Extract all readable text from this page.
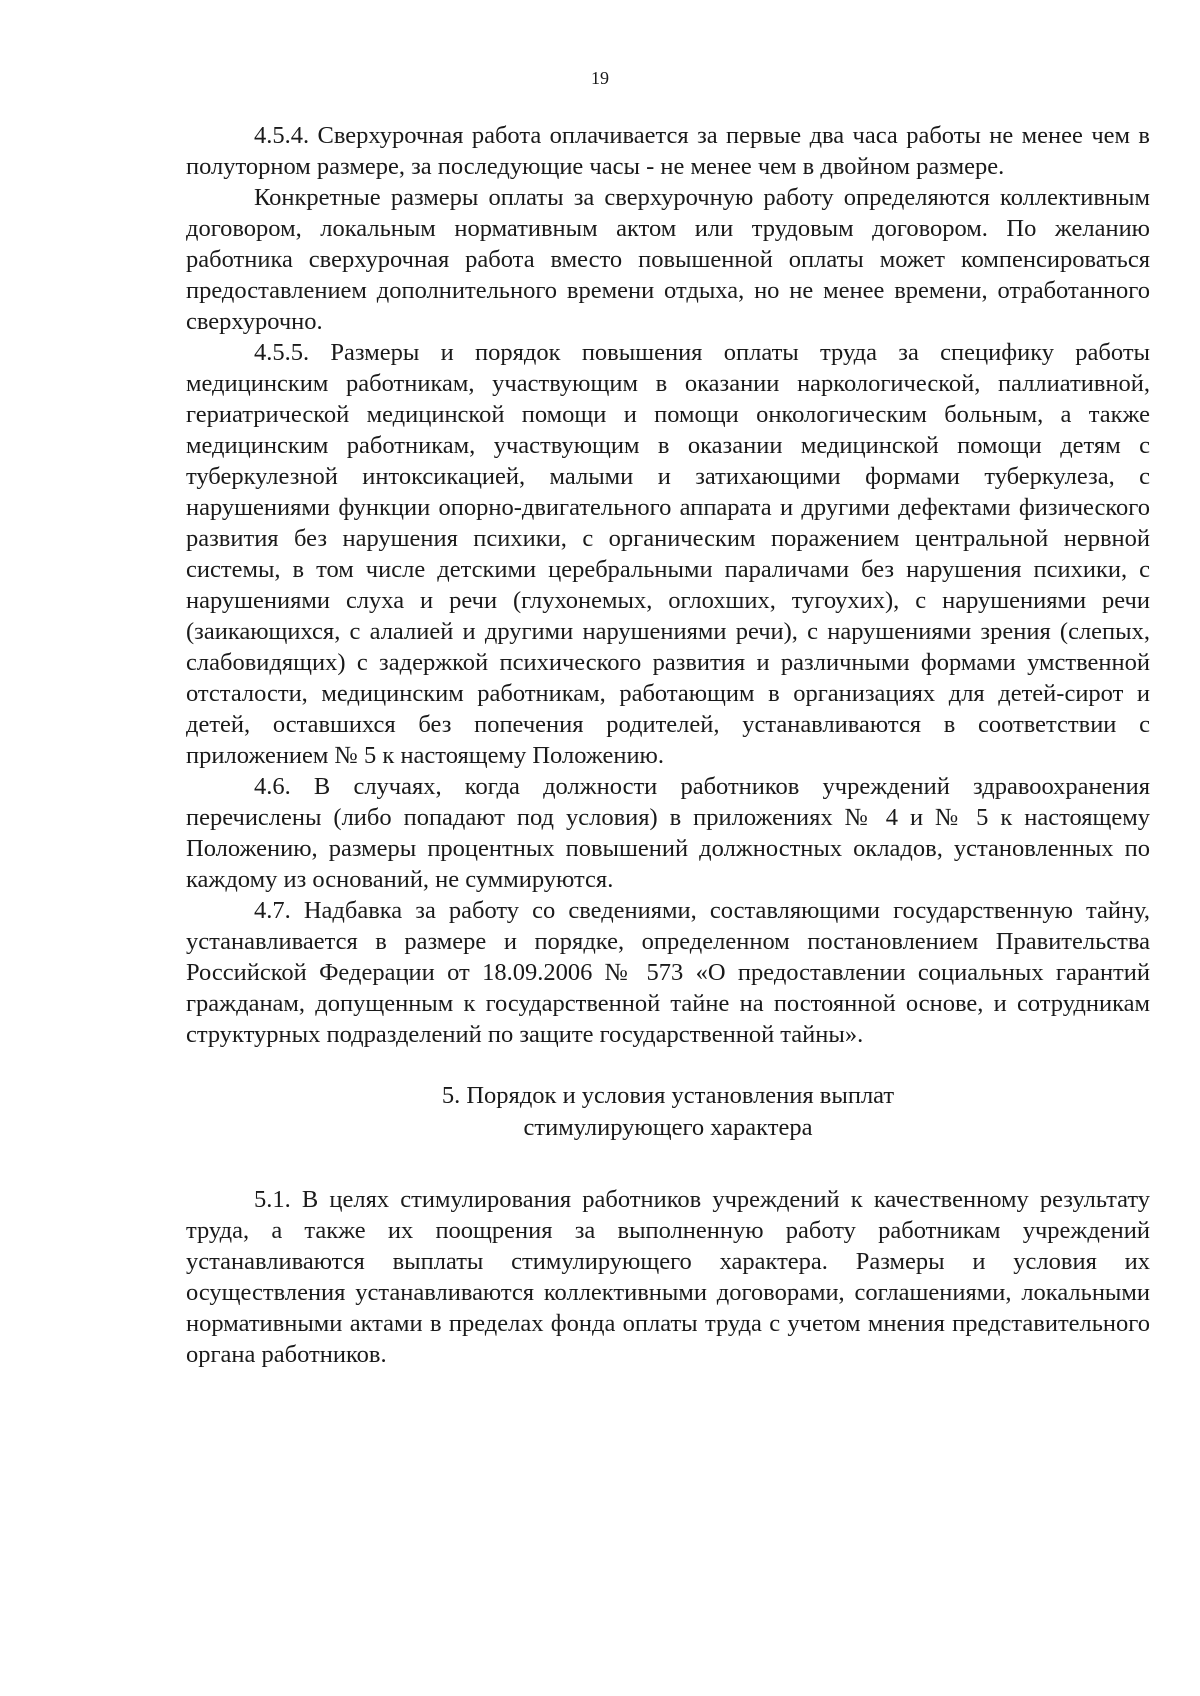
19

4.5.4. Сверхурочная работа оплачивается за первые два часа работы не менее чем в полуторном размере, за последующие часы - не менее чем в двойном размере.

Конкретные размеры оплаты за сверхурочную работу определяются коллективным договором, локальным нормативным актом или трудовым договором. По желанию работника сверхурочная работа вместо повышенной оплаты может компенсироваться предоставлением дополнительного времени отдыха, но не менее времени, отработанного сверхурочно.

4.5.5. Размеры и порядок повышения оплаты труда за специфику работы медицинским работникам, участвующим в оказании наркологической, паллиативной, гериатрической медицинской помощи и помощи онкологическим больным, а также медицинским работникам, участвующим в оказании медицинской помощи детям с туберкулезной интоксикацией, малыми и затихающими формами туберкулеза, с нарушениями функции опорно-двигательного аппарата и другими дефектами физического развития без нарушения психики, с органическим поражением центральной нервной системы, в том числе детскими церебральными параличами без нарушения психики, с нарушениями слуха и речи (глухонемых, оглохших, тугоухих), с нарушениями речи (заикающихся, с алалией и другими нарушениями речи), с нарушениями зрения (слепых, слабовидящих) с задержкой психического развития и различными формами умственной отсталости, медицинским работникам, работающим в организациях для детей-сирот и детей, оставшихся без попечения родителей, устанавливаются в соответствии с приложением № 5 к настоящему Положению.

4.6. В случаях, когда должности работников учреждений здравоохранения перечислены (либо попадают под условия) в приложениях № 4 и № 5 к настоящему Положению, размеры процентных повышений должностных окладов, установленных по каждому из оснований, не суммируются.

4.7. Надбавка за работу со сведениями, составляющими государственную тайну, устанавливается в размере и порядке, определенном постановлением Правительства Российской Федерации от 18.09.2006 № 573 «О предоставлении социальных гарантий гражданам, допущенным к государственной тайне на постоянной основе, и сотрудникам структурных подразделений по защите государственной тайны».

5. Порядок и условия установления выплат
стимулирующего характера

5.1. В целях стимулирования работников учреждений к качественному результату труда, а также их поощрения за выполненную работу работникам учреждений устанавливаются выплаты стимулирующего характера. Размеры и условия их осуществления устанавливаются коллективными договорами, соглашениями, локальными нормативными актами в пределах фонда оплаты труда с учетом мнения представительного органа работников.
